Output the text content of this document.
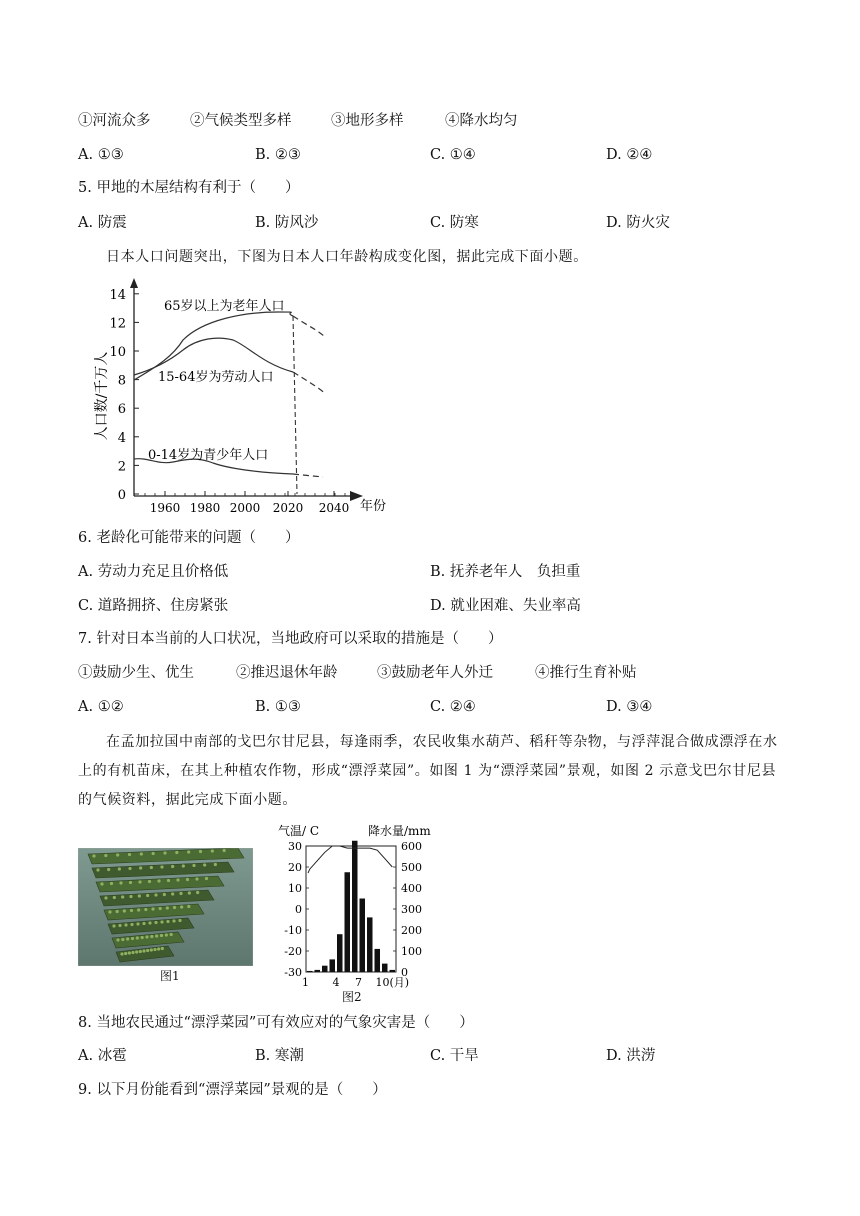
①河流众多	②气候类型多样	③地形多样	④降水均匀
A. ①③	B. ②③	C. ①④	D. ②④
5. 甲地的木屋结构有利于（　　）
A. 防震	B. 防风沙	C. 防寒	D. 防火灾
日本人口问题突出，下图为日本人口年龄构成变化图，据此完成下面小题。
0
2
4
6
8
10
12
14
1960 1980 2000 2020 2040
人口数/千万人
年份
65岁以上为老年人口
15-64岁为劳动人口
0-14岁为青少年人口
6. 老龄化可能带来的问题（　　）
A. 劳动力充足且价格低	B. 抚养老年人　负担重
C. 道路拥挤、住房紧张	D. 就业困难、失业率高
7. 针对日本当前的人口状况，当地政府可以采取的措施是（　　）
①鼓励少生、优生	②推迟退休年龄	③鼓励老年人外迁	④推行生育补贴
A. ①②	B. ①③	C. ②④	D. ③④
在孟加拉国中南部的戈巴尔甘尼县，每逢雨季，农民收集水葫芦、稻秆等杂物，与浮萍混合做成漂浮在水上的有机苗床，在其上种植农作物，形成“漂浮菜园”。如图 1 为“漂浮菜园”景观，如图 2 示意戈巴尔甘尼县的气候资料，据此完成下面小题。
图1
气温/ C	降水量/mm
30
20
10
0
-10
-20
-30
600
500
400
300
200
100
0
1 4 7 10(月)
图2
8. 当地农民通过“漂浮菜园”可有效应对的气象灾害是（　　）
A. 冰雹	B. 寒潮	C. 干旱	D. 洪涝
9. 以下月份能看到“漂浮菜园”景观的是（　　）
